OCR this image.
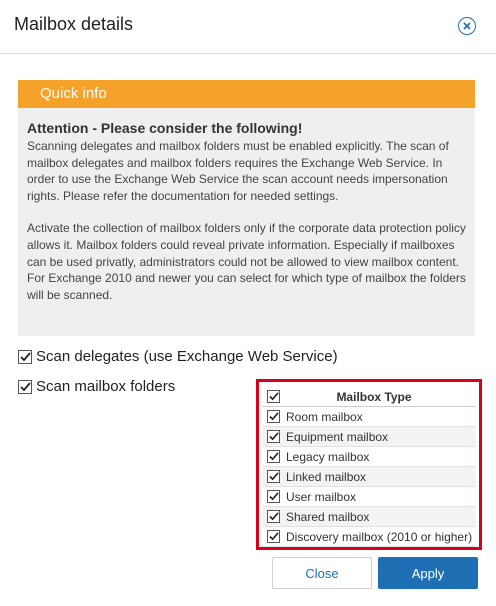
Mailbox details
Quick info
Attention - Please consider the following!
Scanning delegates and mailbox folders must be enabled explicitly. The scan of mailbox delegates and mailbox folders requires the Exchange Web Service. In order to use the Exchange Web Service the scan account needs impersonation rights. Please refer the documentation for needed settings.
Activate the collection of mailbox folders only if the corporate data protection policy allows it. Mailbox folders could reveal private information. Especially if mailboxes can be used privatly, administrators could not be allowed to view mailbox content. For Exchange 2010 and newer you can select for which type of mailbox the folders will be scanned.
Scan delegates (use Exchange Web Service)
Scan mailbox folders
Mailbox Type
Room mailbox
Equipment mailbox
Legacy mailbox
Linked mailbox
User mailbox
Shared mailbox
Discovery mailbox (2010 or higher)
Close	Apply
